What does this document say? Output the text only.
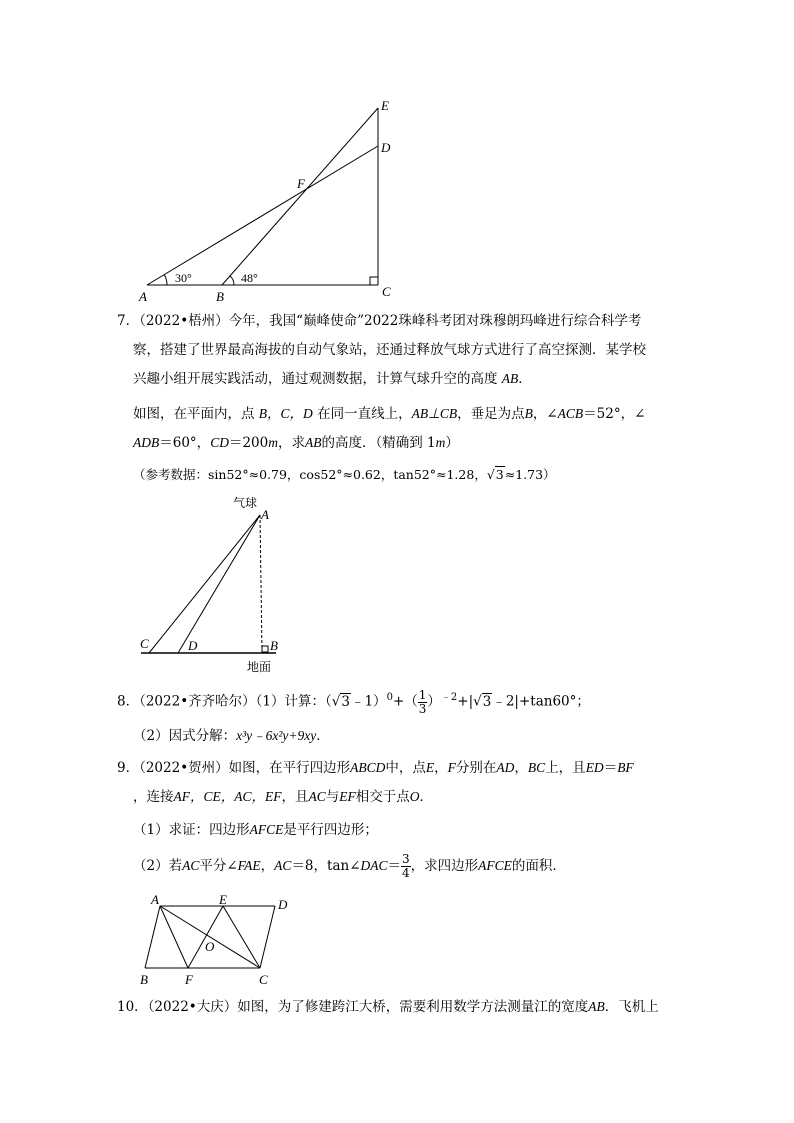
E
D
F
A	B	C
30°	48°
7．（2022•梧州）今年，我国“巅峰使命”2022珠峰科考团对珠穆朗玛峰进行综合科学考
察，搭建了世界最高海拔的自动气象站，还通过释放气球方式进行了高空探测．某学校
兴趣小组开展实践活动，通过观测数据，计算气球升空的高度 AB．
如图，在平面内，点 B，C，D 在同一直线上，AB⊥CB，垂足为点B，∠ACB＝52°，∠
ADB＝60°，CD＝200m，求AB的高度．（精确到 1m）
（参考数据：sin52°≈0.79，cos52°≈0.62，tan52°≈1.28，√3≈1.73）
气球
A
C	D	B
地面
8．（2022•齐齐哈尔）（1）计算：（√3﹣1）$^0$+（ $\frac{1}{3}$ ）$^{﹣2}$+|√3﹣2|+tan60°；
（2）因式分解：x³y﹣6x²y+9xy．
9．（2022•贺州）如图，在平行四边形ABCD中，点E，F分别在AD，BC上，且ED＝BF
，连接AF，CE，AC，EF，且AC与EF相交于点O．
（1）求证：四边形AFCE是平行四边形；
（2）若AC平分∠FAE，AC＝8，tan∠DAC＝ $\frac{3}{4}$ ，求四边形AFCE的面积．
A	E	D
O
B	F	C
10．（2022•大庆）如图，为了修建跨江大桥，需要利用数学方法测量江的宽度AB．飞机上
